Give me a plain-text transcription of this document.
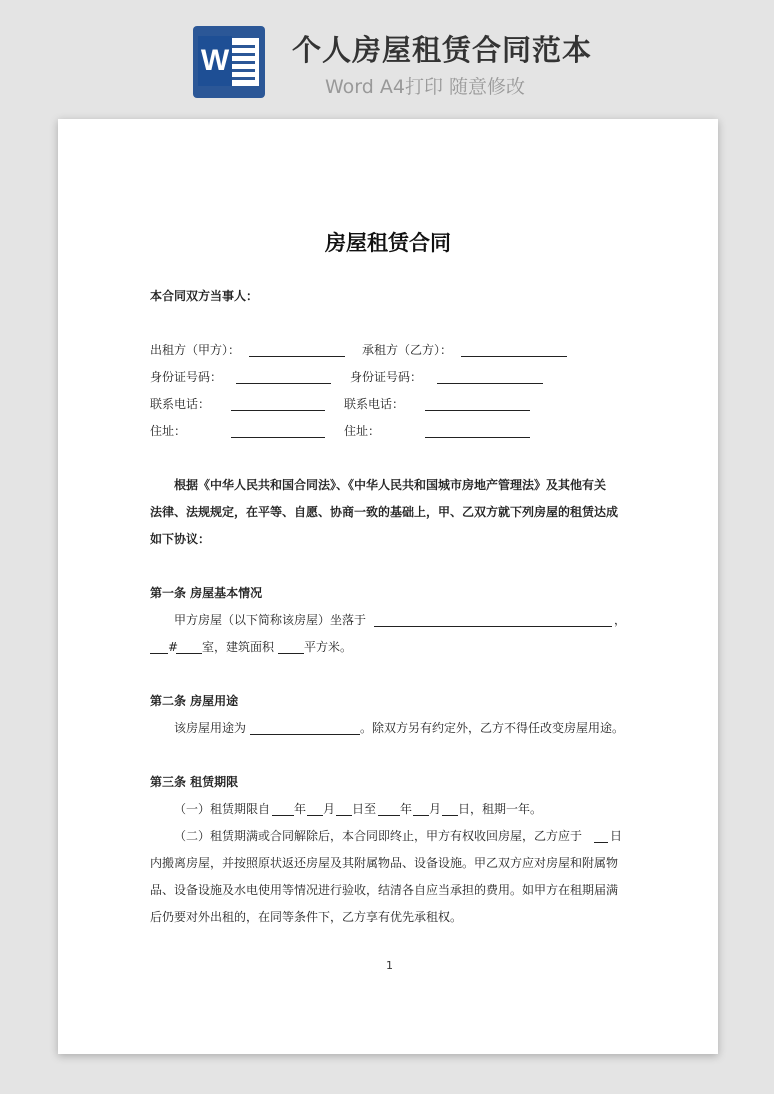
W 个人房屋租赁合同范本
Word A4打印 随意修改
房屋租赁合同
本合同双方当事人：
出租方（甲方）：	承租方（乙方）：
身份证号码：	身份证号码：
联系电话：	联系电话：
住址：	住址：
根据《中华人民共和国合同法》、《中华人民共和国城市房地产管理法》及其他有关
法律、法规规定，在平等、自愿、协商一致的基础上，甲、乙双方就下列房屋的租赁达成
如下协议：
第一条 房屋基本情况
甲方房屋（以下简称该房屋）坐落于	，
# 室，建筑面积 平方米。
第二条 房屋用途
该房屋用途为	。除双方另有约定外，乙方不得任改变房屋用途。
第三条 租赁期限
（一）租赁期限自 年 月 日至 年 月 日，租期一年。
（二）租赁期满或合同解除后，本合同即终止，甲方有权收回房屋，乙方应于 日
内搬离房屋，并按照原状返还房屋及其附属物品、设备设施。甲乙双方应对房屋和附属物
品、设备设施及水电使用等情况进行验收，结清各自应当承担的费用。如甲方在租期届满
后仍要对外出租的，在同等条件下，乙方享有优先承租权。
1
